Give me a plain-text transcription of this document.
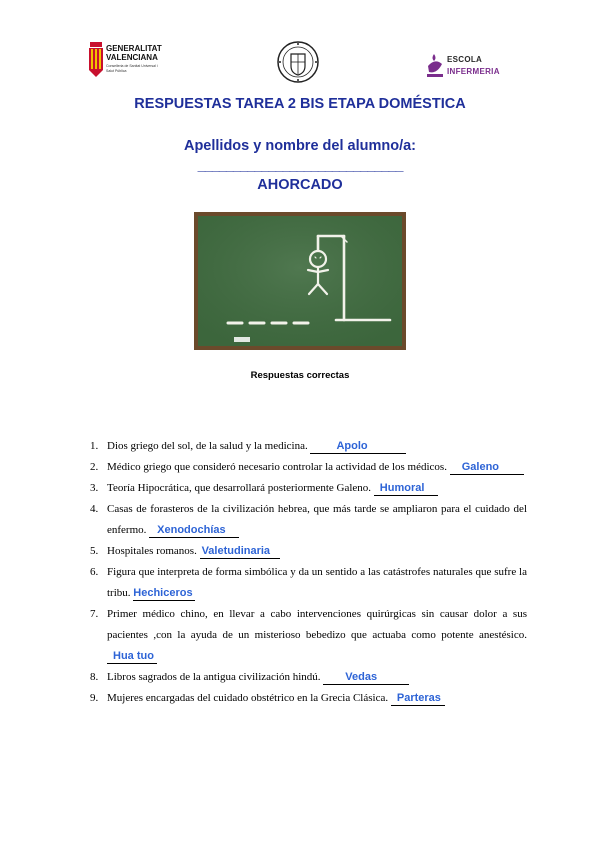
GENERALITAT VALENCIANA
Conselleria de Sanitat Universal i Salut Pública
ESCOLA
INFERMERIA
RESPUESTAS TAREA 2 BIS ETAPA DOMÉSTICA
Apellidos y nombre del alumno/a:
_____________________________
AHORCADO
Respuestas correctas
1. Dios griego del sol, de la salud y la medicina.	Apolo
2. Médico griego que consideró necesario controlar la actividad de los médicos. Galeno
3. Teoría Hipocrática, que desarrollará posteriormente Galeno. Humoral
4. Casas de forasteros de la civilización hebrea, que más tarde se ampliaron para el cuidado del enfermo. Xenodochías
5. Hospitales romanos. Valetudinaria
6. Figura que interpreta de forma simbólica y da un sentido a las catástrofes naturales que sufre la tribu. Hechiceros
7. Primer médico chino, en llevar a cabo intervenciones quirúrgicas sin causar dolor a sus pacientes ,con la ayuda de un misterioso bebedizo que actuaba como potente anestésico. Hua tuo
8. Libros sagrados de la antigua civilización hindú. Vedas
9. Mujeres encargadas del cuidado obstétrico en la Grecia Clásica. Parteras
